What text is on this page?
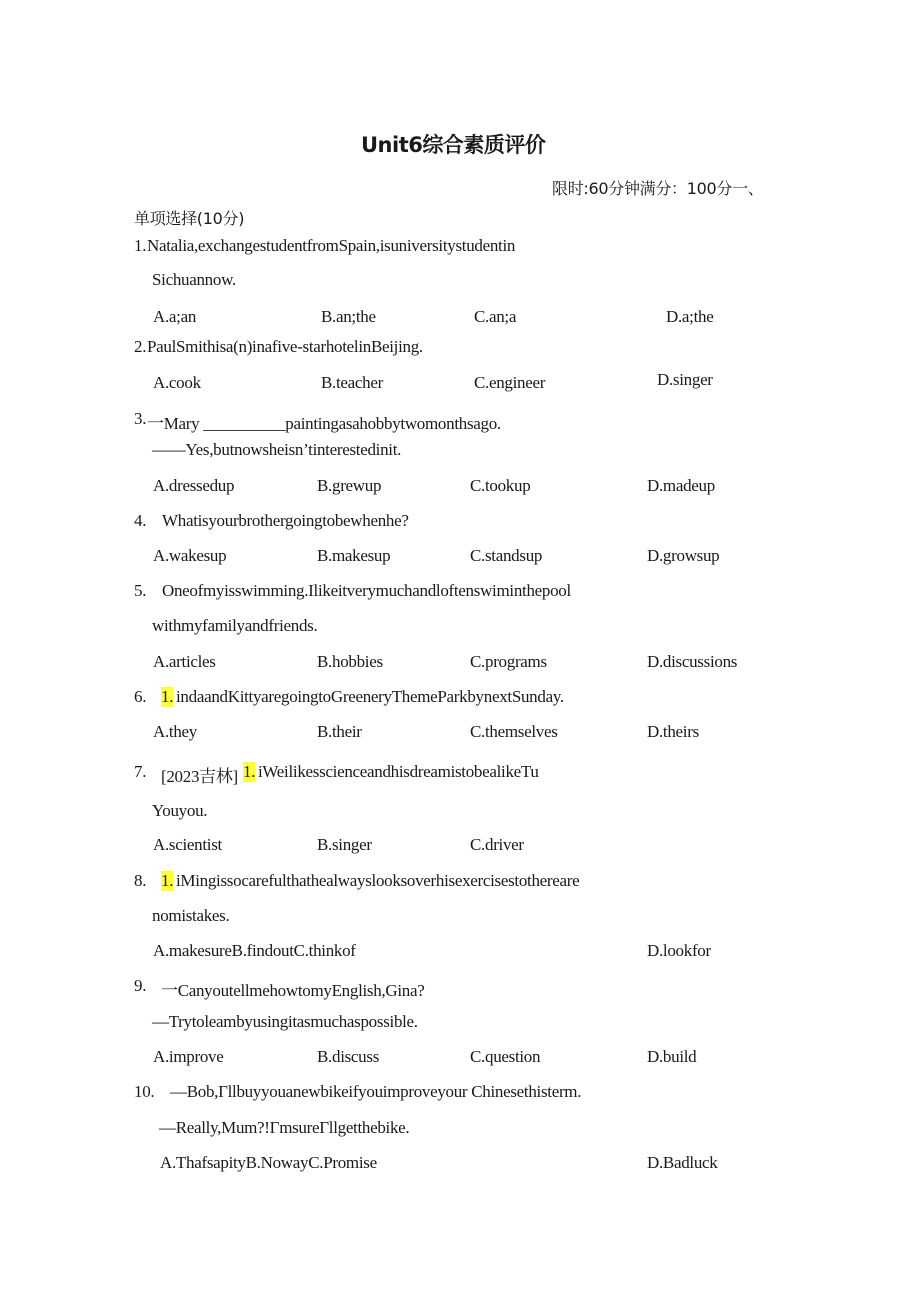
Unit6综合素质评价
限时:60分钟满分：100分一、
单项选择(10分)
1. Natalia,exchangestudentfromSpain,isuniversitystudentin
Sichuannow.
A.a;an	B.an;the	C.an;a	D.a;the
2. PaulSmithisa(n)inafive-starhotelinBeijing.
A.cook	B.teacher	C.engineer	D.singer
3. 一Mary __________paintingasahobbytwomonthsago.
——Yes,butnowsheisn’tinterestedinit.
A.dressedup	B.grewup	C.tookup	D.madeup
4. Whatisyourbrothergoingtobewhenhe?
A.wakesup	B.makesup	C.standsup	D.growsup
5. Oneofmyisswimming.Ilikeitverymuchandloftenswiminthepool
withmyfamilyandfriends.
A.articles	B.hobbies	C.programs	D.discussions
6. 1. indaandKittyaregoingtoGreeneryThemeParkbynextSunday.
A.they	B.their	C.themselves	D.theirs
7. [2023吉林] 1. iWeilikesscienceandhisdreamistobealikeTu
Youyou.
A.scientist	B.singer	C.driver
8. 1. iMingissocarefulthathealwayslooksoverhisexercisestothereare
nomistakes.
A.makesureB.findoutC.thinkof	D.lookfor
9. 一CanyoutellmehowtomyEnglish,Gina?
—Trytoleambyusingitasmuchaspossible.
A.improve	B.discuss	C.question	D.build
10. —Bob,Γllbuyyouanewbikeifyouimproveyour Chinesethisterm.
—Really,Mum?!ΓmsureΓllgetthebike.
A.ThafsapityB.NowayC.Promise	D.Badluck
